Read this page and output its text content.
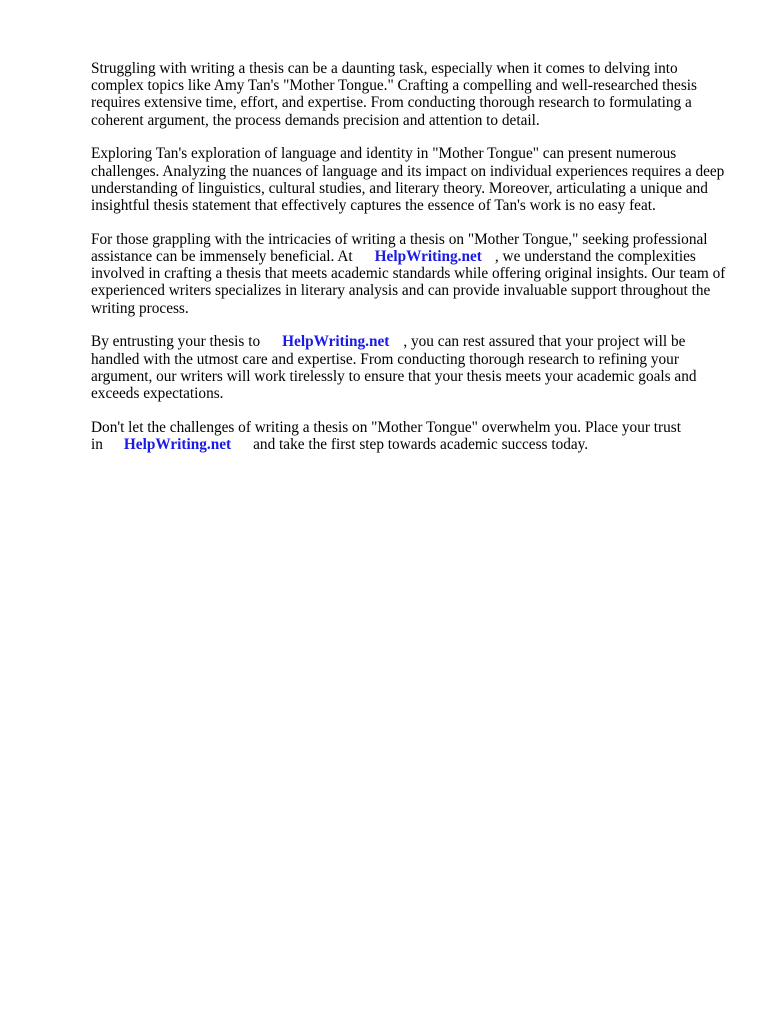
Struggling with writing a thesis can be a daunting task, especially when it comes to delving into complex topics like Amy Tan's "Mother Tongue." Crafting a compelling and well-researched thesis requires extensive time, effort, and expertise. From conducting thorough research to formulating a coherent argument, the process demands precision and attention to detail.

Exploring Tan's exploration of language and identity in "Mother Tongue" can present numerous challenges. Analyzing the nuances of language and its impact on individual experiences requires a deep understanding of linguistics, cultural studies, and literary theory. Moreover, articulating a unique and insightful thesis statement that effectively captures the essence of Tan's work is no easy feat.

For those grappling with the intricacies of writing a thesis on "Mother Tongue," seeking professional assistance can be immensely beneficial. At HelpWriting.net , we understand the complexities involved in crafting a thesis that meets academic standards while offering original insights. Our team of experienced writers specializes in literary analysis and can provide invaluable support throughout the writing process.

By entrusting your thesis to HelpWriting.net , you can rest assured that your project will be handled with the utmost care and expertise. From conducting thorough research to refining your argument, our writers will work tirelessly to ensure that your thesis meets your academic goals and exceeds expectations.

Don't let the challenges of writing a thesis on "Mother Tongue" overwhelm you. Place your trust in HelpWriting.net and take the first step towards academic success today.
